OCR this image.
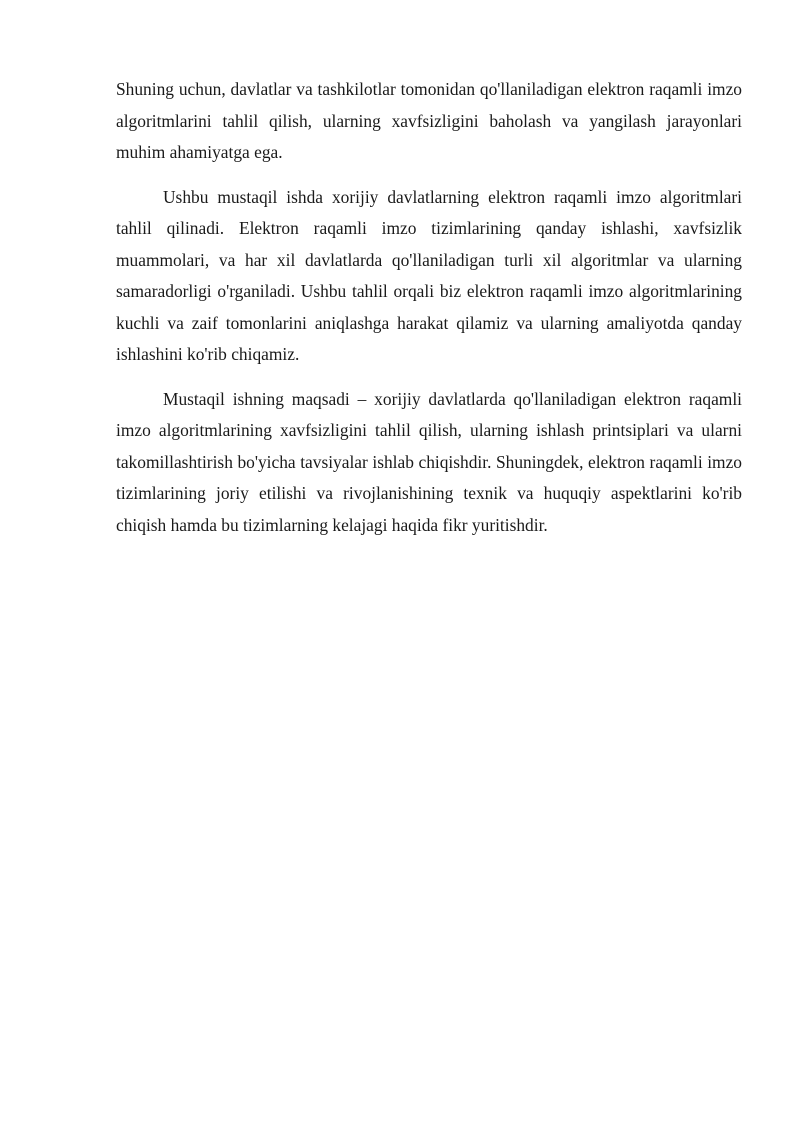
Shuning uchun, davlatlar va tashkilotlar tomonidan qo'llaniladigan elektron raqamli imzo algoritmlarini tahlil qilish, ularning xavfsizligini baholash va yangilash jarayonlari muhim ahamiyatga ega.

Ushbu mustaqil ishda xorijiy davlatlarning elektron raqamli imzo algoritmlari tahlil qilinadi. Elektron raqamli imzo tizimlarining qanday ishlashi, xavfsizlik muammolari, va har xil davlatlarda qo'llaniladigan turli xil algoritmlar va ularning samaradorligi o'rganiladi. Ushbu tahlil orqali biz elektron raqamli imzo algoritmlarining kuchli va zaif tomonlarini aniqlashga harakat qilamiz va ularning amaliyotda qanday ishlashini ko'rib chiqamiz.

Mustaqil ishning maqsadi – xorijiy davlatlarda qo'llaniladigan elektron raqamli imzo algoritmlarining xavfsizligini tahlil qilish, ularning ishlash printsiplari va ularni takomillashtirish bo'yicha tavsiyalar ishlab chiqishdir. Shuningdek, elektron raqamli imzo tizimlarining joriy etilishi va rivojlanishining texnik va huquqiy aspektlarini ko'rib chiqish hamda bu tizimlarning kelajagi haqida fikr yuritishdir.
